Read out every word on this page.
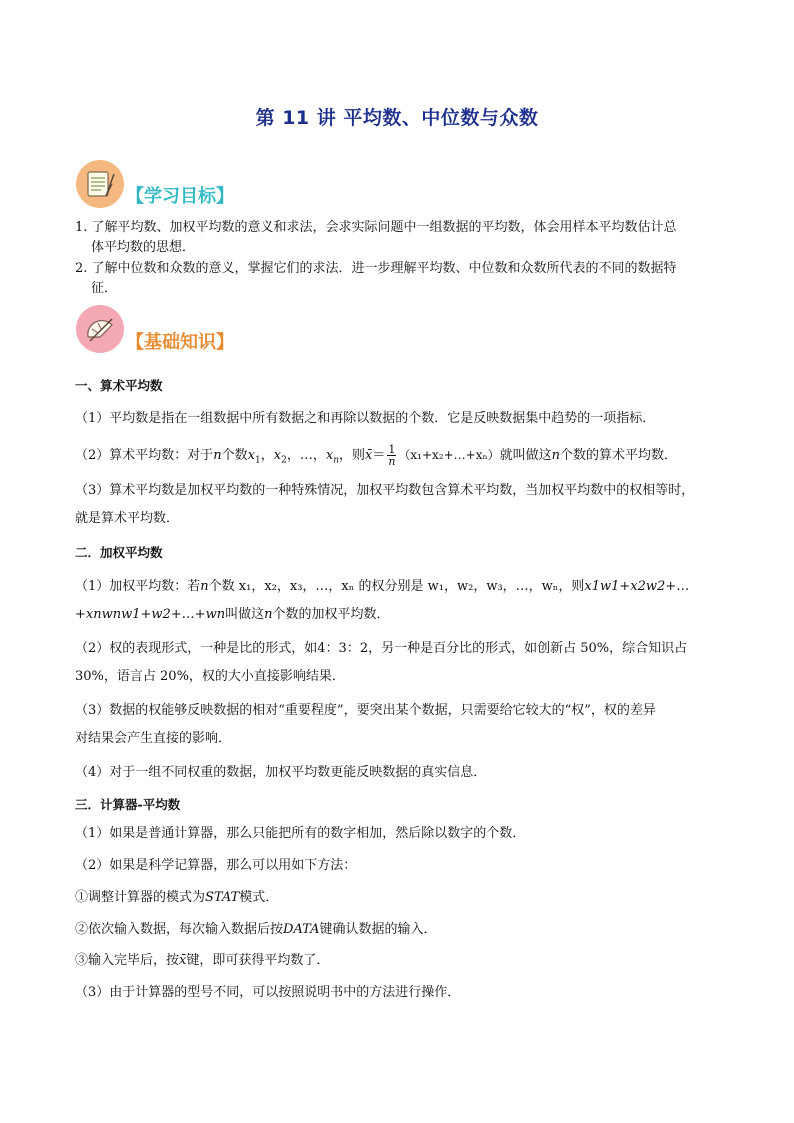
第 11 讲 平均数、中位数与众数
【学习目标】
1. 了解平均数、加权平均数的意义和求法，会求实际问题中一组数据的平均数，体会用样本平均数估计总
体平均数的思想．
2. 了解中位数和众数的意义，掌握它们的求法．进一步理解平均数、中位数和众数所代表的不同的数据特
征．
【基础知识】
一、算术平均数
（1）平均数是指在一组数据中所有数据之和再除以数据的个数．它是反映数据集中趋势的一项指标．
（2）算术平均数：对于n个数$x_1$，$x_2$，…，$x_n$，则x̄＝ $\frac{1}{n}$ （x₁+x₂+…+xₙ）就叫做这n个数的算术平均数．
（3）算术平均数是加权平均数的一种特殊情况，加权平均数包含算术平均数，当加权平均数中的权相等时，
就是算术平均数．
二．加权平均数
（1）加权平均数：若n个数 x₁，x₂，x₃，…，xₙ 的权分别是 w₁，w₂，w₃，…，wₙ，则x1w1+x2w2+…
+xnwnw1+w2+…+wn叫做这n个数的加权平均数．
（2）权的表现形式，一种是比的形式，如4：3：2，另一种是百分比的形式，如创新占 50%，综合知识占
30%，语言占 20%，权的大小直接影响结果．
（3）数据的权能够反映数据的相对“重要程度”，要突出某个数据，只需要给它较大的“权”，权的差异
对结果会产生直接的影响．
（4）对于一组不同权重的数据，加权平均数更能反映数据的真实信息．
三．计算器-平均数
（1）如果是普通计算器，那么只能把所有的数字相加，然后除以数字的个数．
（2）如果是科学记算器，那么可以用如下方法：
①调整计算器的模式为STAT模式．
②依次输入数据，每次输入数据后按DATA键确认数据的输入．
③输入完毕后，按x̄键，即可获得平均数了．
（3）由于计算器的型号不同，可以按照说明书中的方法进行操作．
